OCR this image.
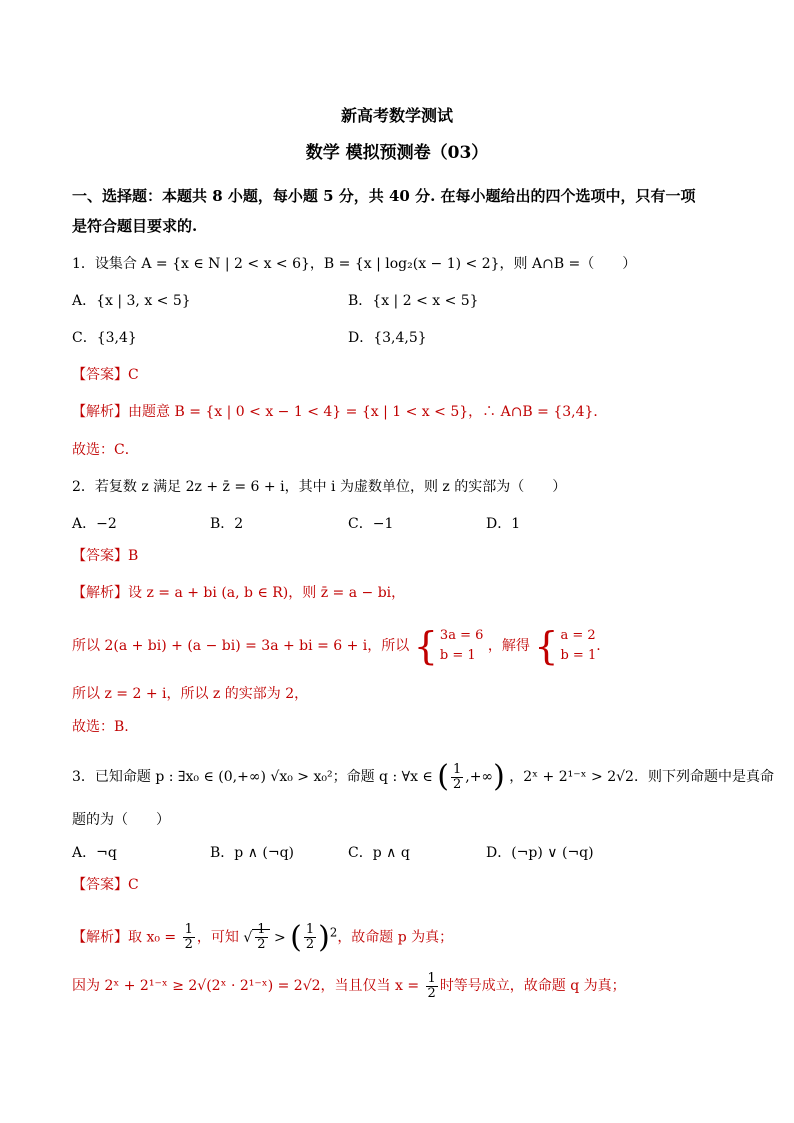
新高考数学测试
数学 模拟预测卷（03）
一、选择题：本题共 8 小题，每小题 5 分，共 40 分. 在每小题给出的四个选项中，只有一项
是符合题目要求的.
1．设集合 A = {x ∈ N | 2 < x < 6}，B = {x | log₂(x − 1) < 2}，则 A∩B =（　　）
A．{x | 3, x < 5}	B．{x | 2 < x < 5}
C．{3,4}	D．{3,4,5}
【答案】C
【解析】由题意 B = {x | 0 < x − 1 < 4} = {x | 1 < x < 5}，∴ A∩B = {3,4}．
故选：C．
2．若复数 z 满足 2z + z̄ = 6 + i，其中 i 为虚数单位，则 z 的实部为（　　）
A．−2	B．2	C．−1	D．1
【答案】B
【解析】设 z = a + bi (a, b ∈ R)，则 z̄ = a − bi，
所以 2(a + bi) + (a − bi) = 3a + bi = 6 + i，所以 { 3a = 6
b = 1
，解得 { a = 2
b = 1
.
所以 z = 2 + i，所以 z 的实部为 2，
故选：B.
3．已知命题 p : ∃x₀ ∈ (0,+∞) √x₀ > x₀²；命题 q : ∀x ∈ ( $\frac{1}{2}$ ,+∞) ，2ˣ + 2¹⁻ˣ > 2√2．则下列命题中是真命
题的为（　　）
A．¬q	B．p ∧ (¬q)	C．p ∧ q	D．(¬p) ∨ (¬q)
【答案】C
【解析】取 $x_0 = \frac{1}{2}$ ，可知 √ $\frac{1}{2}$ > ( $\frac{1}{2} )^2$，故命题 p 为真；
因为 2ˣ + 2¹⁻ˣ ≥ 2√(2ˣ · 2¹⁻ˣ) = 2√2，当且仅当 $x = \frac{1}{2}$ 时等号成立，故命题 q 为真；
